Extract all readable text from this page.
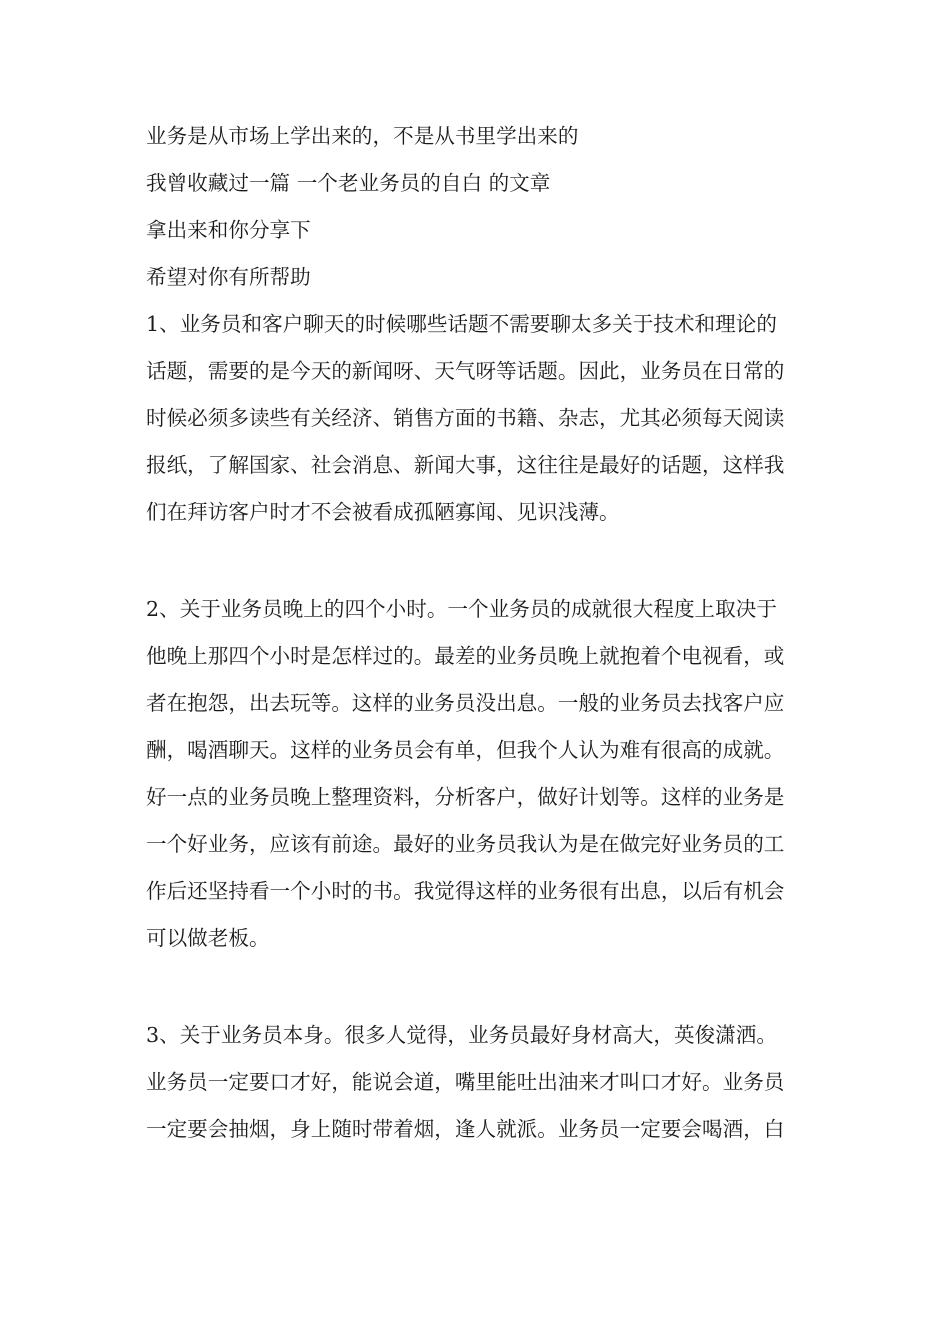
业务是从市场上学出来的，不是从书里学出来的
我曾收藏过一篇 一个老业务员的自白 的文章
拿出来和你分享下
希望对你有所帮助
1、业务员和客户聊天的时候哪些话题不需要聊太多关于技术和理论的
话题，需要的是今天的新闻呀、天气呀等话题。因此，业务员在日常的
时候必须多读些有关经济、销售方面的书籍、杂志，尤其必须每天阅读
报纸，了解国家、社会消息、新闻大事，这往往是最好的话题，这样我
们在拜访客户时才不会被看成孤陋寡闻、见识浅薄。
2、关于业务员晚上的四个小时。一个业务员的成就很大程度上取决于
他晚上那四个小时是怎样过的。最差的业务员晚上就抱着个电视看，或
者在抱怨，出去玩等。这样的业务员没出息。一般的业务员去找客户应
酬，喝酒聊天。这样的业务员会有单，但我个人认为难有很高的成就。
好一点的业务员晚上整理资料，分析客户，做好计划等。这样的业务是
一个好业务，应该有前途。最好的业务员我认为是在做完好业务员的工
作后还坚持看一个小时的书。我觉得这样的业务很有出息，以后有机会
可以做老板。
3、关于业务员本身。很多人觉得，业务员最好身材高大，英俊潇洒。
业务员一定要口才好，能说会道，嘴里能吐出油来才叫口才好。业务员
一定要会抽烟，身上随时带着烟，逢人就派。业务员一定要会喝酒，白
